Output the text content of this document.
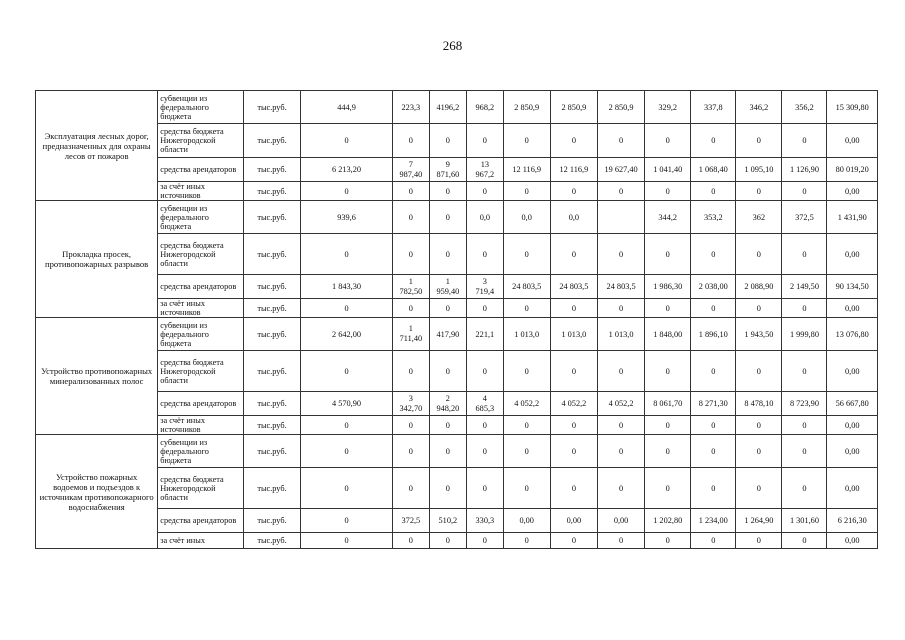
268
Эксплуатация лесных дорог, предназначенных для охраны лесов от пожаров	субвенции из федерального бюджета	тыс.руб.	444,9	223,3	4196,2	968,2	2 850,9	2 850,9	2 850,9	329,2	337,8	346,2	356,2	15 309,80
	средства бюджета Нижегородской области	тыс.руб.	0	0	0	0	0	0	0	0	0	0	0	0,00
	средства арендаторов	тыс.руб.	6 213,20	7 987,40	9 871,60	13 967,2	12 116,9	12 116,9	19 627,40	1 041,40	1 068,40	1 095,10	1 126,90	80 019,20
	за счёт иных источников	тыс.руб.	0	0	0	0	0	0	0	0	0	0	0	0,00
Прокладка просек, противопожарных разрывов	субвенции из федерального бюджета	тыс.руб.	939,6	0	0	0,0	0,0	0,0		344,2	353,2	362	372,5	1 431,90
	средства бюджета Нижегородской области	тыс.руб.	0	0	0	0	0	0	0	0	0	0	0	0,00
	средства арендаторов	тыс.руб.	1 843,30	1 782,50	1 959,40	3 719,4	24 803,5	24 803,5	24 803,5	1 986,30	2 038,00	2 088,90	2 149,50	90 134,50
	за счёт иных источников	тыс.руб.	0	0	0	0	0	0	0	0	0	0	0	0,00
Устройство противопожарных минерализованных полос	субвенции из федерального бюджета	тыс.руб.	2 642,00	1 711,40	417,90	221,1	1 013,0	1 013,0	1 013,0	1 848,00	1 896,10	1 943,50	1 999,80	13 076,80
	средства бюджета Нижегородской области	тыс.руб.	0	0	0	0	0	0	0	0	0	0	0	0,00
	средства арендаторов	тыс.руб.	4 570,90	3 342,70	2 948,20	4 685,3	4 052,2	4 052,2	4 052,2	8 061,70	8 271,30	8 478,10	8 723,90	56 667,80
	за счёт иных источников	тыс.руб.	0	0	0	0	0	0	0	0	0	0	0	0,00
Устройство пожарных водоемов и подъездов к источникам противопожарного водоснабжения	субвенции из федерального бюджета	тыс.руб.	0	0	0	0	0	0	0	0	0	0	0	0,00
	средства бюджета Нижегородской области	тыс.руб.	0	0	0	0	0	0	0	0	0	0	0	0,00
	средства арендаторов	тыс.руб.	0	372,5	510,2	330,3	0,00	0,00	0,00	1 202,80	1 234,00	1 264,90	1 301,60	6 216,30
	за счёт иных	тыс.руб.	0	0	0	0	0	0	0	0	0	0	0	0,00
